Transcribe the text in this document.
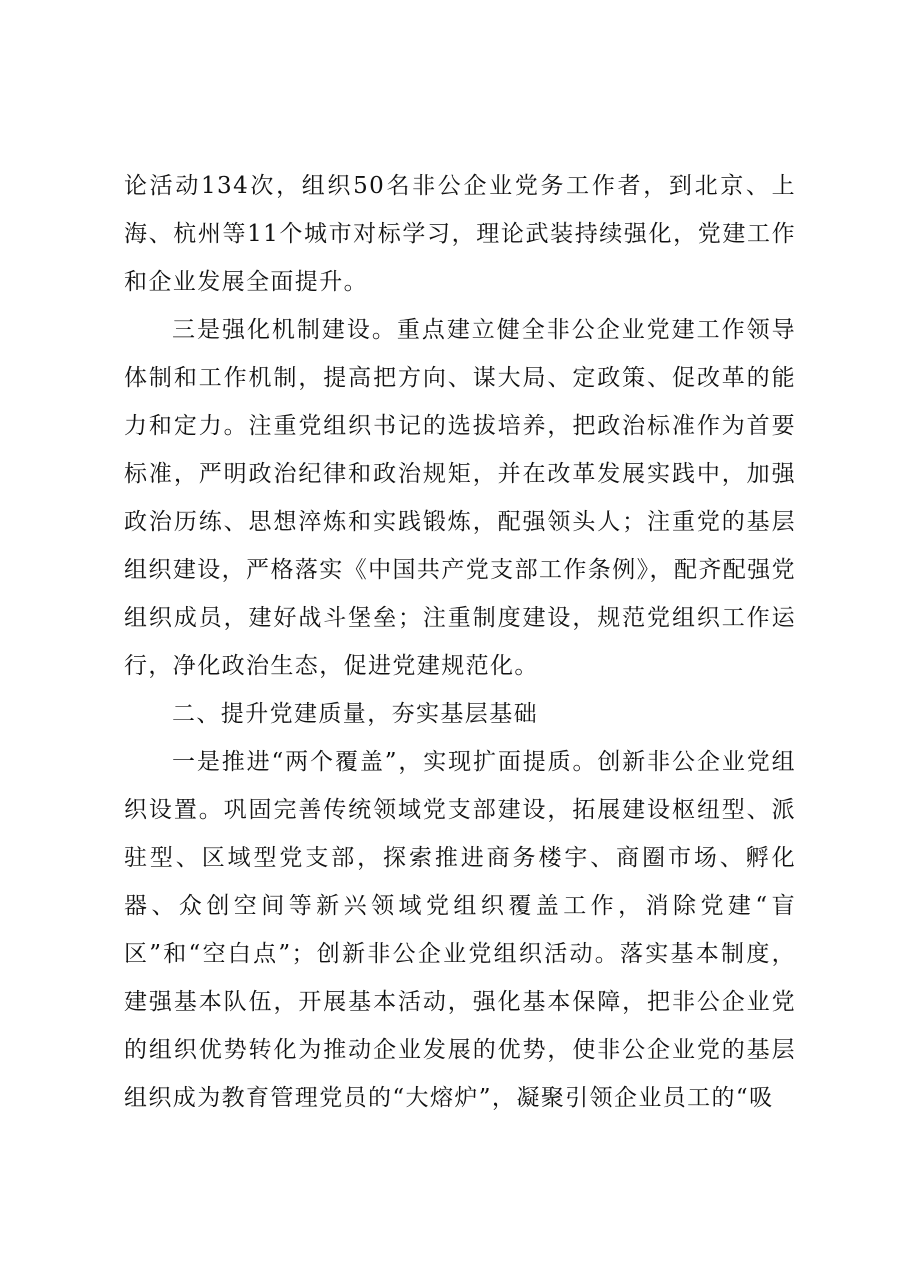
论活动134次，组织50名非公企业党务工作者，到北京、上海、杭州等11个城市对标学习，理论武装持续强化，党建工作和企业发展全面提升。

三是强化机制建设。重点建立健全非公企业党建工作领导体制和工作机制，提高把方向、谋大局、定政策、促改革的能力和定力。注重党组织书记的选拔培养，把政治标准作为首要标准，严明政治纪律和政治规矩，并在改革发展实践中，加强政治历练、思想淬炼和实践锻炼，配强领头人；注重党的基层组织建设，严格落实《中国共产党支部工作条例》，配齐配强党组织成员，建好战斗堡垒；注重制度建设，规范党组织工作运行，净化政治生态，促进党建规范化。

二、提升党建质量，夯实基层基础

一是推进“两个覆盖”，实现扩面提质。创新非公企业党组织设置。巩固完善传统领域党支部建设，拓展建设枢纽型、派驻型、区域型党支部，探索推进商务楼宇、商圈市场、孵化器、众创空间等新兴领域党组织覆盖工作，消除党建“盲区”和“空白点”；创新非公企业党组织活动。落实基本制度，建强基本队伍，开展基本活动，强化基本保障，把非公企业党的组织优势转化为推动企业发展的优势，使非公企业党的基层组织成为教育管理党员的“大熔炉”，凝聚引领企业员工的“吸
